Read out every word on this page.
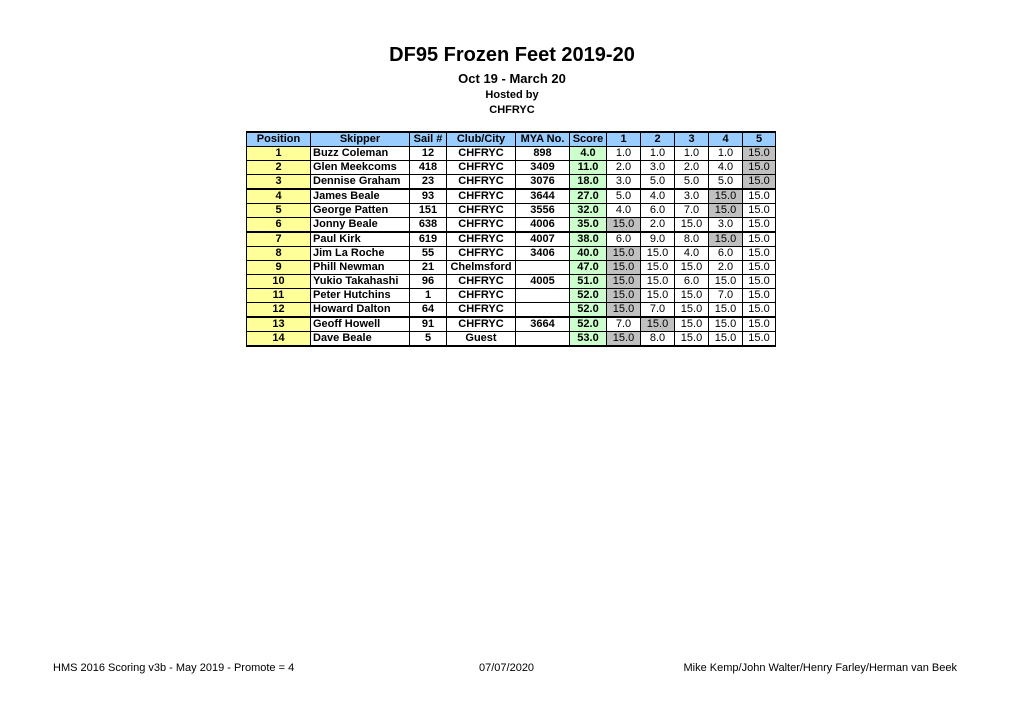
DF95 Frozen Feet 2019-20
Oct 19 - March 20
Hosted by
CHFRYC
Position	Skipper	Sail #	Club/City	MYA No.	Score	1	2	3	4	5
1	Buzz Coleman	12	CHFRYC	898	4.0	1.0	1.0	1.0	1.0	15.0
2	Glen Meekcoms	418	CHFRYC	3409	11.0	2.0	3.0	2.0	4.0	15.0
3	Dennise Graham	23	CHFRYC	3076	18.0	3.0	5.0	5.0	5.0	15.0
4	James Beale	93	CHFRYC	3644	27.0	5.0	4.0	3.0	15.0	15.0
5	George Patten	151	CHFRYC	3556	32.0	4.0	6.0	7.0	15.0	15.0
6	Jonny Beale	638	CHFRYC	4006	35.0	15.0	2.0	15.0	3.0	15.0
7	Paul Kirk	619	CHFRYC	4007	38.0	6.0	9.0	8.0	15.0	15.0
8	Jim La Roche	55	CHFRYC	3406	40.0	15.0	15.0	4.0	6.0	15.0
9	Phill Newman	21	Chelmsford		47.0	15.0	15.0	15.0	2.0	15.0
10	Yukio Takahashi	96	CHFRYC	4005	51.0	15.0	15.0	6.0	15.0	15.0
11	Peter Hutchins	1	CHFRYC		52.0	15.0	15.0	15.0	7.0	15.0
12	Howard Dalton	64	CHFRYC		52.0	15.0	7.0	15.0	15.0	15.0
13	Geoff Howell	91	CHFRYC	3664	52.0	7.0	15.0	15.0	15.0	15.0
14	Dave Beale	5	Guest		53.0	15.0	8.0	15.0	15.0	15.0
HMS 2016 Scoring v3b - May 2019 - Promote = 4	07/07/2020	Mike Kemp/John Walter/Henry Farley/Herman van Beek
